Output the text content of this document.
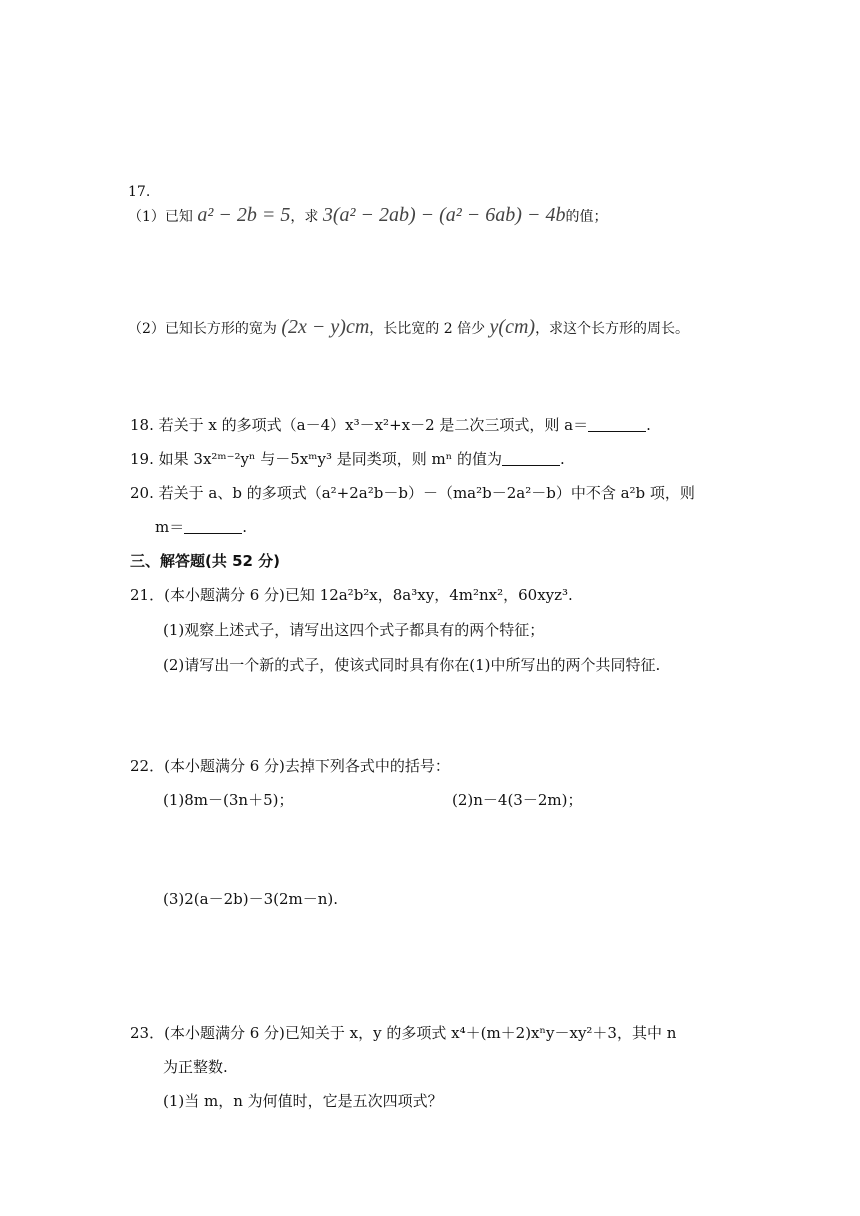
17.
（1）已知 a² − 2b = 5，求 3(a² − 2ab) − (a² − 6ab) − 4b的值；
（2）已知长方形的宽为 (2x − y)cm，长比宽的 2 倍少 y(cm)，求这个长方形的周长。
18. 若关于 x 的多项式（a－4）x³－x²+x－2 是二次三项式，则 a＝	.
19. 如果 3x²ᵐ⁻²yⁿ 与－5xᵐy³ 是同类项，则 mⁿ 的值为	.
20. 若关于 a、b 的多项式（a²+2a²b－b）－（ma²b－2a²－b）中不含 a²b 项，则
m＝	.
三、解答题(共 52 分)
21．(本小题满分 6 分)已知 12a²b²x，8a³xy，4m²nx²，60xyz³.
(1)观察上述式子，请写出这四个式子都具有的两个特征；
(2)请写出一个新的式子，使该式同时具有你在(1)中所写出的两个共同特征.
22．(本小题满分 6 分)去掉下列各式中的括号：
(1)8m－(3n＋5)；	(2)n－4(3－2m)；
(3)2(a－2b)－3(2m－n).
23．(本小题满分 6 分)已知关于 x，y 的多项式 x⁴＋(m＋2)xⁿy－xy²＋3，其中 n
为正整数.
(1)当 m，n 为何值时，它是五次四项式？
